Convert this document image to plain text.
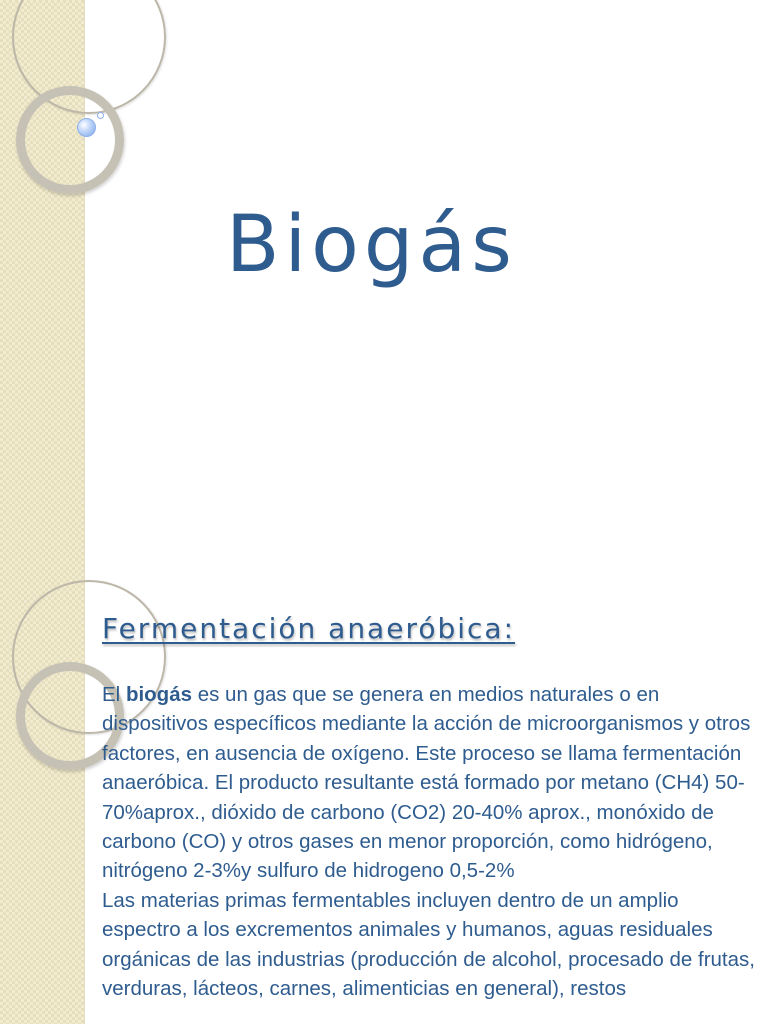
Biogás
Fermentación anaeróbica:

El biogás es un gas que se genera en medios naturales o en dispositivos específicos mediante la acción de microorganismos y otros factores, en ausencia de oxígeno. Este proceso se llama fermentación anaeróbica. El producto resultante está formado por metano (CH4) 50-70%aprox., dióxido de carbono (CO2) 20-40% aprox., monóxido de carbono (CO) y otros gases en menor proporción, como hidrógeno, nitrógeno 2-3%y sulfuro de hidrogeno 0,5-2%

Las materias primas fermentables incluyen dentro de un amplio espectro a los excrementos animales y humanos, aguas residuales orgánicas de las industrias (producción de alcohol, procesado de frutas, verduras, lácteos, carnes, alimenticias en general), restos
